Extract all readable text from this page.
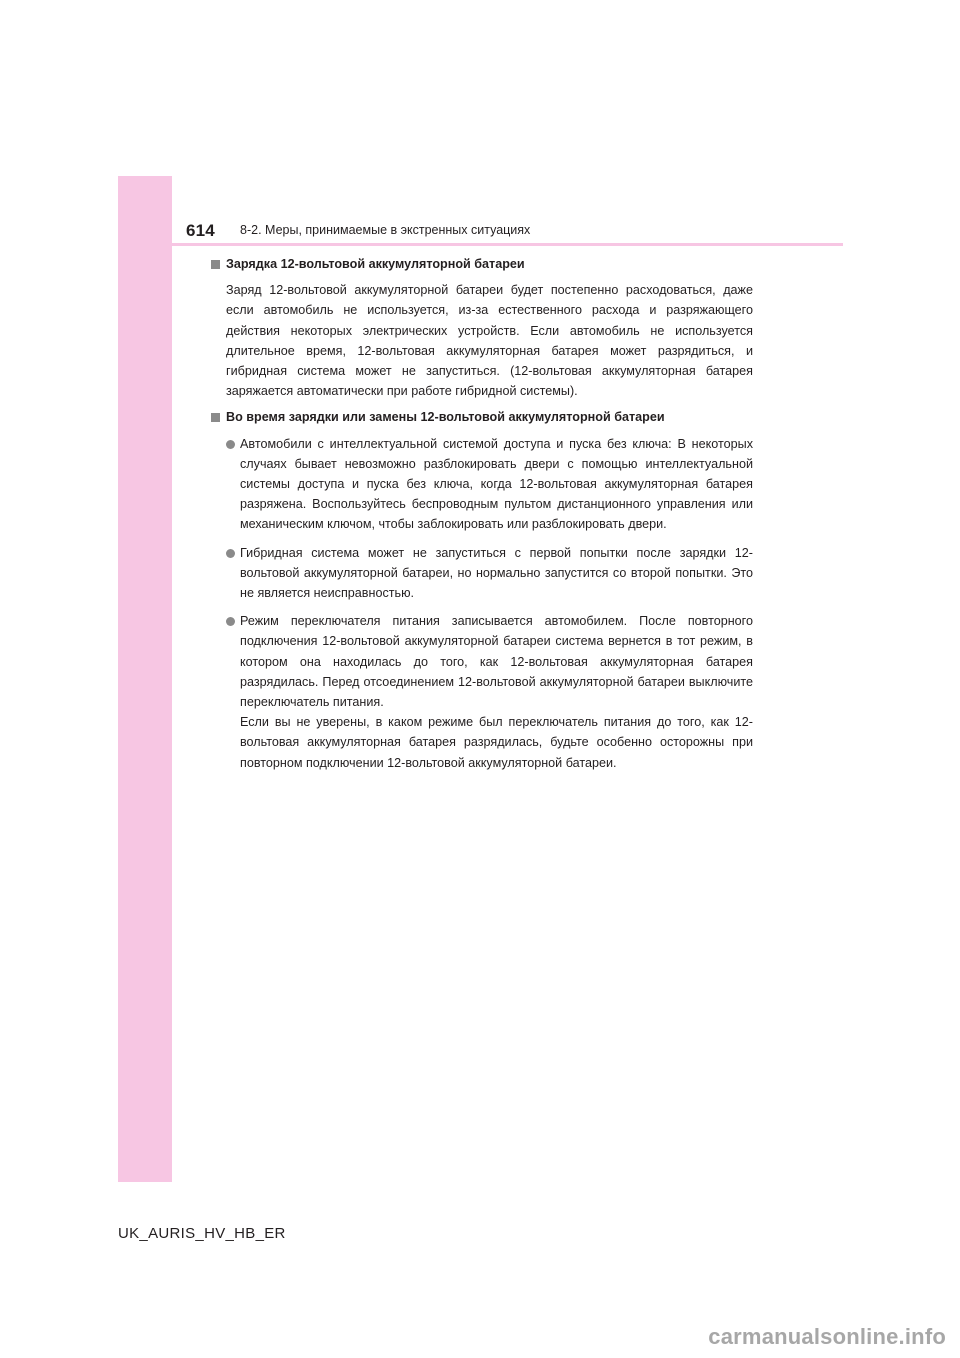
614 8-2. Меры, принимаемые в экстренных ситуациях
Зарядка 12-вольтовой аккумуляторной батареи

Заряд 12-вольтовой аккумуляторной батареи будет постепенно расходоваться, даже если автомобиль не используется, из-за естественного расхода и разряжающего действия некоторых электрических устройств. Если автомобиль не используется длительное время, 12-вольтовая аккумуляторная батарея может разрядиться, и гибридная система может не запуститься. (12-вольтовая аккумуляторная батарея заряжается автоматически при работе гибридной системы).

Во время зарядки или замены 12-вольтовой аккумуляторной батареи

Автомобили с интеллектуальной системой доступа и пуска без ключа: В некоторых случаях бывает невозможно разблокировать двери с помощью интеллектуальной системы доступа и пуска без ключа, когда 12-вольтовая аккумуляторная батарея разряжена. Воспользуйтесь беспроводным пультом дистанционного управления или механическим ключом, чтобы заблокировать или разблокировать двери.

Гибридная система может не запуститься с первой попытки после зарядки 12-вольтовой аккумуляторной батареи, но нормально запустится со второй попытки. Это не является неисправностью.

Режим переключателя питания записывается автомобилем. После повторного подключения 12-вольтовой аккумуляторной батареи система вернется в тот режим, в котором она находилась до того, как 12-вольтовая аккумуляторная батарея разрядилась. Перед отсоединением 12-вольтовой аккумуляторной батареи выключите переключатель питания.

Если вы не уверены, в каком режиме был переключатель питания до того, как 12-вольтовая аккумуляторная батарея разрядилась, будьте особенно осторожны при повторном подключении 12-вольтовой аккумуляторной батареи.

UK_AURIS_HV_HB_ER
carmanualsonline.info
